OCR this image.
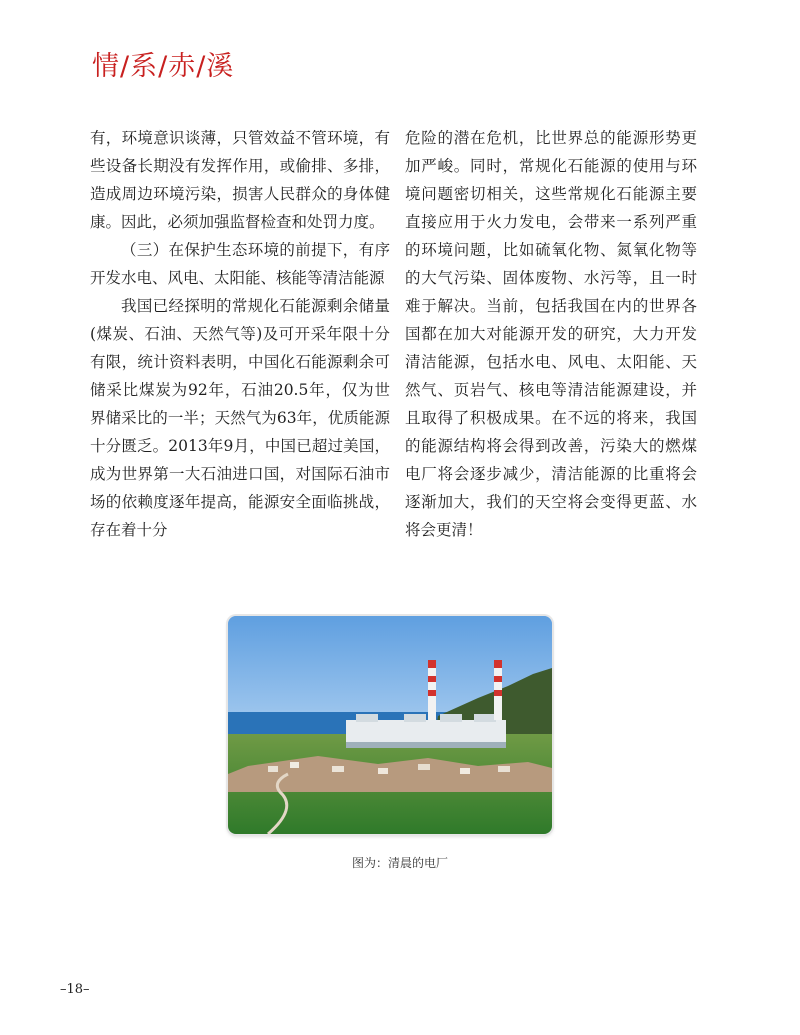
情/系/赤/溪

有，环境意识谈薄，只管效益不管环境，有些设备长期没有发挥作用，或偷排、多排，造成周边环境污染，损害人民群众的身体健康。因此，必须加强监督检查和处罚力度。

（三）在保护生态环境的前提下，有序开发水电、风电、太阳能、核能等清洁能源

我国已经探明的常规化石能源剩余储量(煤炭、石油、天然气等)及可开采年限十分有限，统计资料表明，中国化石能源剩余可储采比煤炭为92年，石油20.5年，仅为世界储采比的一半；天然气为63年，优质能源十分匮乏。2013年9月，中国已超过美国，成为世界第一大石油进口国，对国际石油市场的依赖度逐年提高，能源安全面临挑战，存在着十分

危险的潜在危机，比世界总的能源形势更加严峻。同时，常规化石能源的使用与环境问题密切相关，这些常规化石能源主要直接应用于火力发电，会带来一系列严重的环境问题，比如硫氧化物、氮氧化物等的大气污染、固体废物、水污等，且一时难于解决。当前，包括我国在内的世界各国都在加大对能源开发的研究，大力开发清洁能源，包括水电、风电、太阳能、天然气、页岩气、核电等清洁能源建设，并且取得了积极成果。在不远的将来，我国的能源结构将会得到改善，污染大的燃煤电厂将会逐步减少，清洁能源的比重将会逐渐加大，我们的天空将会变得更蓝、水将会更清！

图为：清晨的电厂
–18–
